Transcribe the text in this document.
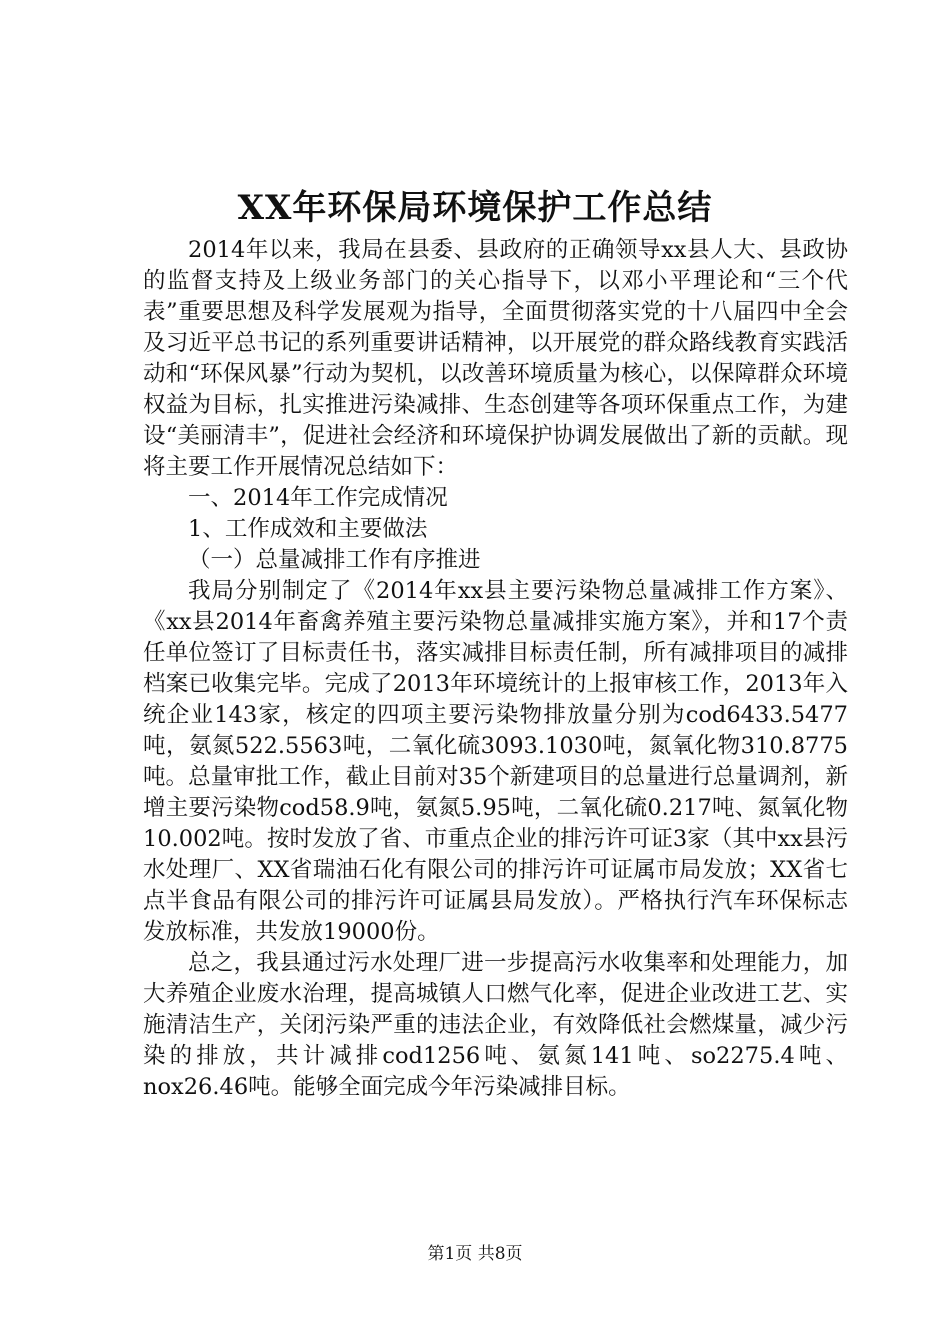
XX年环保局环境保护工作总结

2014年以来，我局在县委、县政府的正确领导xx县人大、县政协的监督支持及上级业务部门的关心指导下，以邓小平理论和“三个代表”重要思想及科学发展观为指导，全面贯彻落实党的十八届四中全会及习近平总书记的系列重要讲话精神，以开展党的群众路线教育实践活动和“环保风暴”行动为契机，以改善环境质量为核心，以保障群众环境权益为目标，扎实推进污染减排、生态创建等各项环保重点工作，为建设“美丽清丰”，促进社会经济和环境保护协调发展做出了新的贡献。现将主要工作开展情况总结如下：

一、2014年工作完成情况

1、工作成效和主要做法

（一）总量减排工作有序推进

我局分别制定了《2014年xx县主要污染物总量减排工作方案》、《xx县2014年畜禽养殖主要污染物总量减排实施方案》，并和17个责任单位签订了目标责任书，落实减排目标责任制，所有减排项目的减排档案已收集完毕。完成了2013年环境统计的上报审核工作，2013年入统企业143家，核定的四项主要污染物排放量分别为cod6433.5477吨，氨氮522.5563吨，二氧化硫3093.1030吨，氮氧化物310.8775吨。总量审批工作，截止目前对35个新建项目的总量进行总量调剂，新增主要污染物cod58.9吨，氨氮5.95吨，二氧化硫0.217吨、氮氧化物10.002吨。按时发放了省、市重点企业的排污许可证3家（其中xx县污水处理厂、XX省瑞油石化有限公司的排污许可证属市局发放；XX省七点半食品有限公司的排污许可证属县局发放）。严格执行汽车环保标志发放标准，共发放19000份。

总之，我县通过污水处理厂进一步提高污水收集率和处理能力，加大养殖企业废水治理，提高城镇人口燃气化率，促进企业改进工艺、实施清洁生产，关闭污染严重的违法企业，有效降低社会燃煤量，减少污染的排放，共计减排cod1256吨、氨氮141吨、so2275.4吨、nox26.46吨。能够全面完成今年污染减排目标。

第1页 共8页
